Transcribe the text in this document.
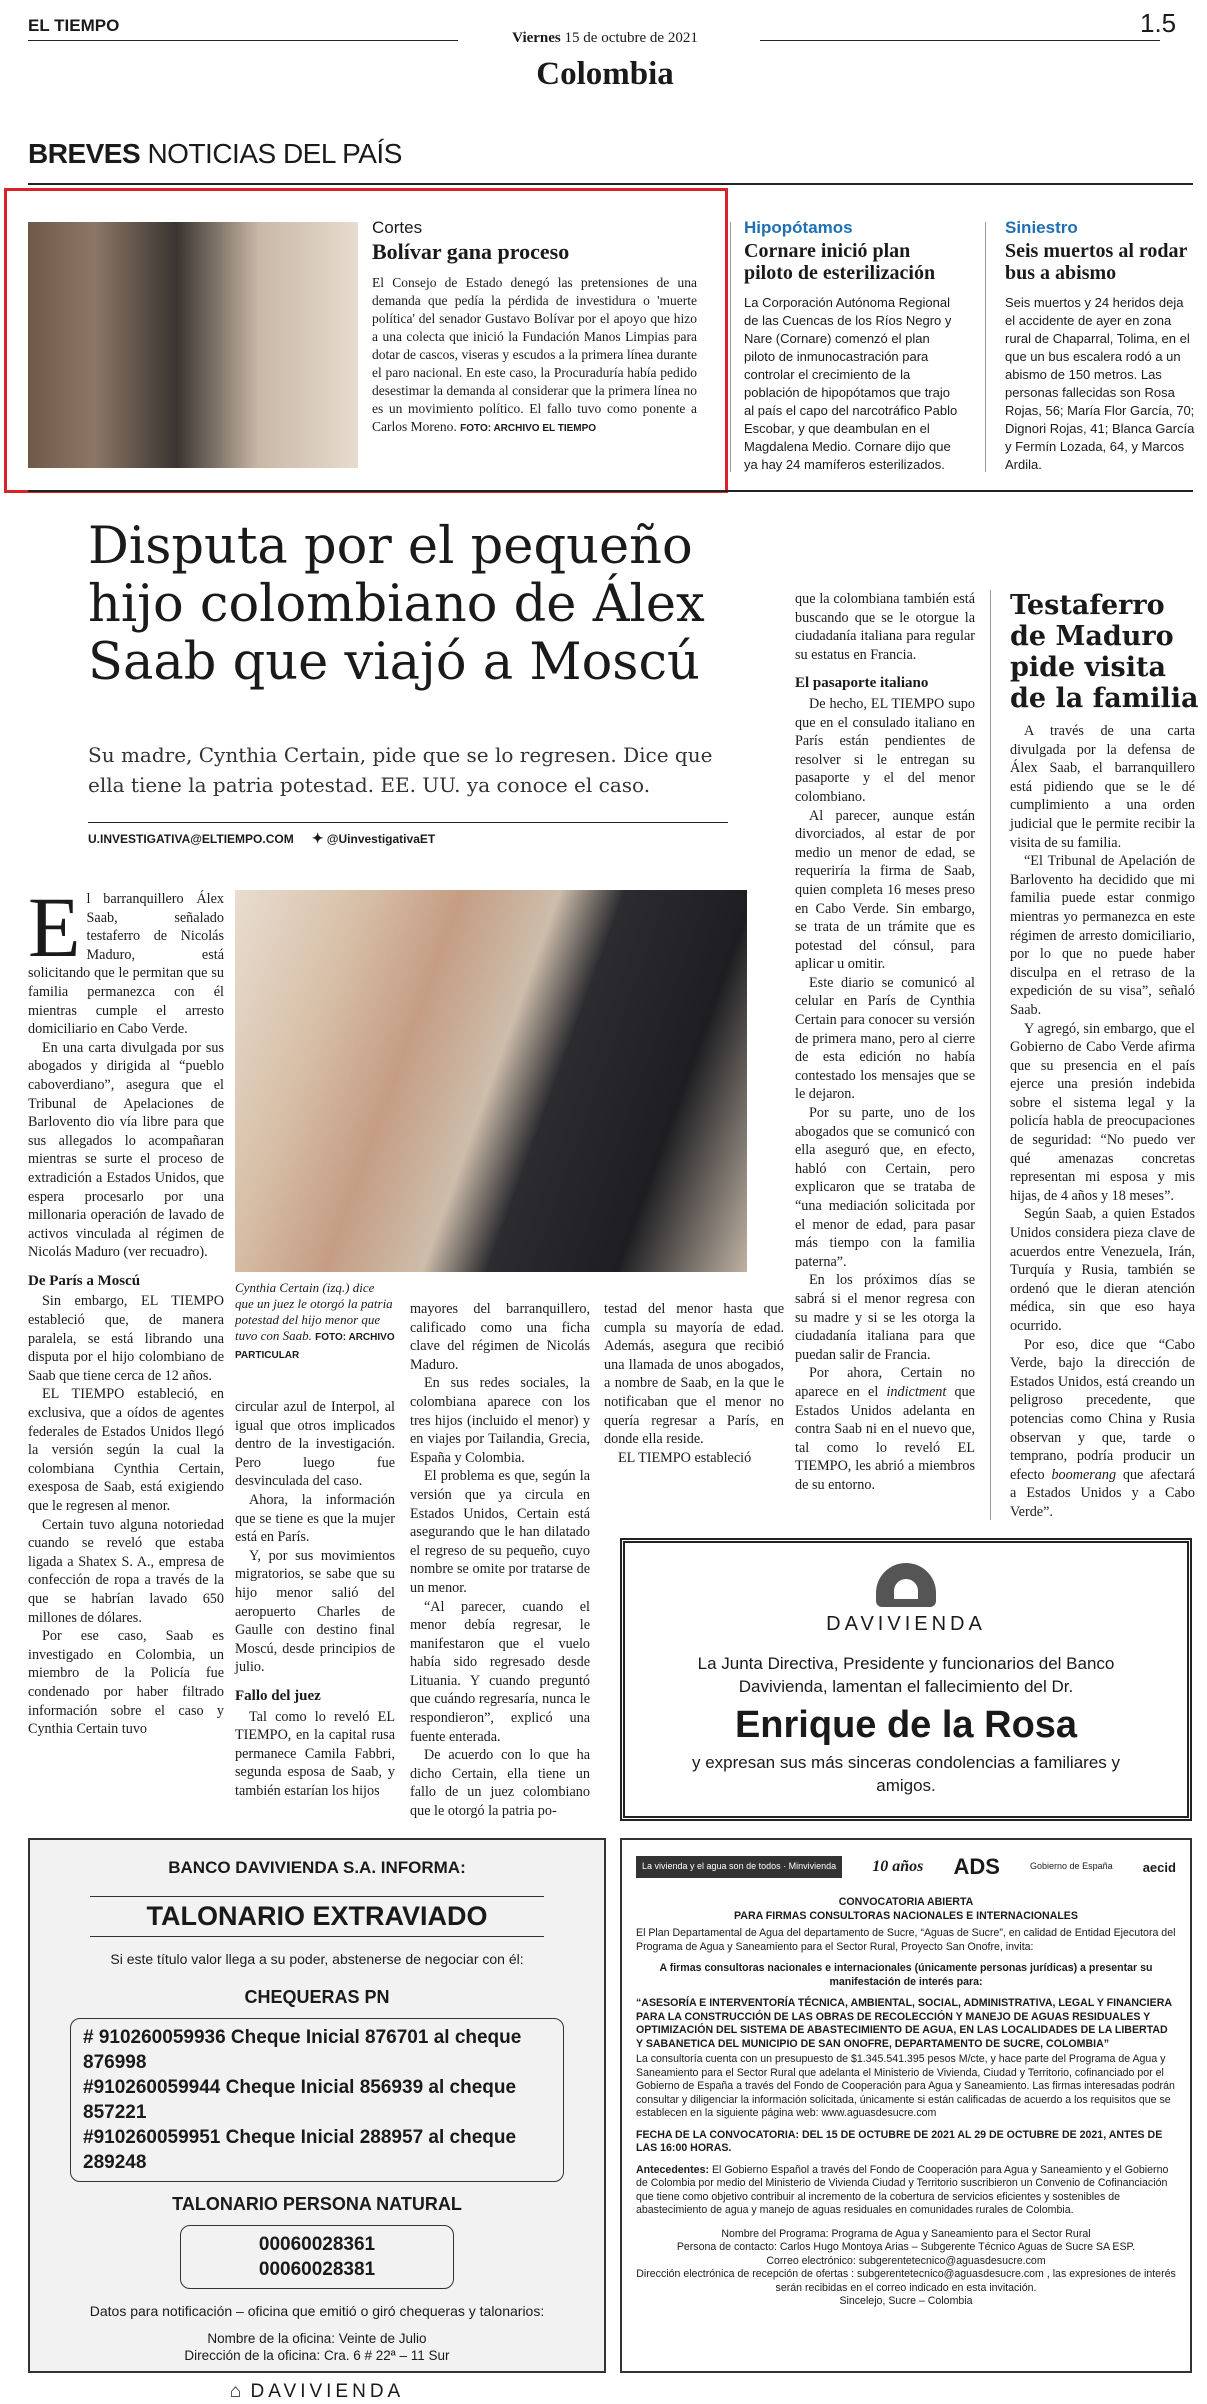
EL TIEMPO
Viernes 15 de octubre de 2021	1.5
Colombia
BREVES NOTICIAS DEL PAÍS
Cortes
Bolívar gana proceso
El Consejo de Estado denegó las pretensiones de una demanda que pedía la pérdida de investidura o 'muerte política' del senador Gustavo Bolívar por el apoyo que hizo a una colecta que inició la Fundación Manos Limpias para dotar de cascos, viseras y escudos a la primera línea durante el paro nacional. En este caso, la Procuraduría había pedido desestimar la demanda al considerar que la primera línea no es un movimiento político. El fallo tuvo como ponente a Carlos Moreno. FOTO: ARCHIVO EL TIEMPO
Hipopótamos
Cornare inició plan piloto de esterilización
La Corporación Autónoma Regional de las Cuencas de los Ríos Negro y Nare (Cornare) comenzó el plan piloto de inmunocastración para controlar el crecimiento de la población de hipopótamos que trajo al país el capo del narcotráfico Pablo Escobar, y que deambulan en el Magdalena Medio. Cornare dijo que ya hay 24 mamíferos esterilizados.
Siniestro
Seis muertos al rodar bus a abismo
Seis muertos y 24 heridos deja el accidente de ayer en zona rural de Chaparral, Tolima, en el que un bus escalera rodó a un abismo de 150 metros. Las personas fallecidas son Rosa Rojas, 56; María Flor García, 70; Dignori Rojas, 41; Blanca García y Fermín Lozada, 64, y Marcos Ardila.
Disputa por el pequeño hijo colombiano de Álex Saab que viajó a Moscú
Su madre, Cynthia Certain, pide que se lo regresen. Dice que ella tiene la patria potestad. EE. UU. ya conoce el caso.
U.INVESTIGATIVA@ELTIEMPO.COM ✦ @UinvestigativaET

El barranquillero Álex Saab, señalado testaferro de Nicolás Maduro, está solicitando que le permitan que su familia permanezca con él mientras cumple el arresto domiciliario en Cabo Verde.

En una carta divulgada por sus abogados y dirigida al “pueblo caboverdiano”, asegura que el Tribunal de Apelaciones de Barlovento dio vía libre para que sus allegados lo acompañaran mientras se surte el proceso de extradición a Estados Unidos, que espera procesarlo por una millonaria operación de lavado de activos vinculada al régimen de Nicolás Maduro (ver recuadro).

De París a Moscú

Sin embargo, EL TIEMPO estableció que, de manera paralela, se está librando una disputa por el hijo colombiano de Saab que tiene cerca de 12 años.

EL TIEMPO estableció, en exclusiva, que a oídos de agentes federales de Estados Unidos llegó la versión según la cual la colombiana Cynthia Certain, exesposa de Saab, está exigiendo que le regresen al menor.

Certain tuvo alguna notoriedad cuando se reveló que estaba ligada a Shatex S. A., empresa de confección de ropa a través de la que se habrían lavado 650 millones de dólares.

Por ese caso, Saab es investigado en Colombia, un miembro de la Policía fue condenado por haber filtrado información sobre el caso y Cynthia Certain tuvo

Cynthia Certain (izq.) dice que un juez le otorgó la patria potestad del hijo menor que tuvo con Saab. FOTO: ARCHIVO PARTICULAR

circular azul de Interpol, al igual que otros implicados dentro de la investigación. Pero luego fue desvinculada del caso.

Ahora, la información que se tiene es que la mujer está en París.

Y, por sus movimientos migratorios, se sabe que su hijo menor salió del aeropuerto Charles de Gaulle con destino final Moscú, desde principios de julio.

Fallo del juez

Tal como lo reveló EL TIEMPO, en la capital rusa permanece Camila Fabbri, segunda esposa de Saab, y también estarían los hijos

mayores del barranquillero, calificado como una ficha clave del régimen de Nicolás Maduro.

En sus redes sociales, la colombiana aparece con los tres hijos (incluido el menor) y en viajes por Tailandia, Grecia, España y Colombia.

El problema es que, según la versión que ya circula en Estados Unidos, Certain está asegurando que le han dilatado el regreso de su pequeño, cuyo nombre se omite por tratarse de un menor.

“Al parecer, cuando el menor debía regresar, le manifestaron que el vuelo había sido regresado desde Lituania. Y cuando preguntó que cuándo regresaría, nunca le respondieron”, explicó una fuente enterada.

De acuerdo con lo que ha dicho Certain, ella tiene un fallo de un juez colombiano que le otorgó la patria po-

testad del menor hasta que cumpla su mayoría de edad. Además, asegura que recibió una llamada de unos abogados, a nombre de Saab, en la que le notificaban que el menor no quería regresar a París, en donde ella reside.

EL TIEMPO estableció

que la colombiana también está buscando que se le otorgue la ciudadanía italiana para regular su estatus en Francia.

El pasaporte italiano

De hecho, EL TIEMPO supo que en el consulado italiano en París están pendientes de resolver si le entregan su pasaporte y el del menor colombiano.

Al parecer, aunque están divorciados, al estar de por medio un menor de edad, se requeriría la firma de Saab, quien completa 16 meses preso en Cabo Verde. Sin embargo, se trata de un trámite que es potestad del cónsul, para aplicar u omitir.

Este diario se comunicó al celular en París de Cynthia Certain para conocer su versión de primera mano, pero al cierre de esta edición no había contestado los mensajes que se le dejaron.

Por su parte, uno de los abogados que se comunicó con ella aseguró que, en efecto, habló con Certain, pero explicaron que se trataba de “una mediación solicitada por el menor de edad, para pasar más tiempo con la familia paterna”.

En los próximos días se sabrá si el menor regresa con su madre y si se les otorga la ciudadanía italiana para que puedan salir de Francia.

Por ahora, Certain no aparece en el indictment que Estados Unidos adelanta en contra Saab ni en el nuevo que, tal como lo reveló EL TIEMPO, les abrió a miembros de su entorno.

Testaferro de Maduro pide visita de la familia

A través de una carta divulgada por la defensa de Álex Saab, el barranquillero está pidiendo que se le dé cumplimiento a una orden judicial que le permite recibir la visita de su familia.

“El Tribunal de Apelación de Barlovento ha decidido que mi familia puede estar conmigo mientras yo permanezca en este régimen de arresto domiciliario, por lo que no puede haber disculpa en el retraso de la expedición de su visa”, señaló Saab.

Y agregó, sin embargo, que el Gobierno de Cabo Verde afirma que su presencia en el país ejerce una presión indebida sobre el sistema legal y la policía habla de preocupaciones de seguridad: “No puedo ver qué amenazas concretas representan mi esposa y mis hijas, de 4 años y 18 meses”.

Según Saab, a quien Estados Unidos considera pieza clave de acuerdos entre Venezuela, Irán, Turquía y Rusia, también se ordenó que le dieran atención médica, sin que eso haya ocurrido.

Por eso, dice que “Cabo Verde, bajo la dirección de Estados Unidos, está creando un peligroso precedente, que potencias como China y Rusia observan y que, tarde o temprano, podría producir un efecto boomerang que afectará a Estados Unidos y a Cabo Verde”.

DAVIVIENDA
La Junta Directiva, Presidente y funcionarios del Banco Davivienda, lamentan el fallecimiento del Dr.
Enrique de la Rosa
y expresan sus más sinceras condolencias a familiares y amigos.
BANCO DAVIVIENDA S.A. INFORMA:
TALONARIO EXTRAVIADO
Si este título valor llega a su poder, abstenerse de negociar con él:
CHEQUERAS PN
# 910260059936 Cheque Inicial 876701 al cheque 876998
#910260059944 Cheque Inicial 856939 al cheque 857221
#910260059951 Cheque Inicial 288957 al cheque 289248
TALONARIO PERSONA NATURAL
00060028361
00060028381
Datos para notificación – oficina que emitió o giró chequeras y talonarios:
Nombre de la oficina: Veinte de Julio
Dirección de la oficina: Cra. 6 # 22ª – 11 Sur
⌂ DAVIVIENDA
La vivienda y el agua son de todos · Minvivienda	10 años ADS	Gobierno de España aecid
CONVOCATORIA ABIERTA
PARA FIRMAS CONSULTORAS NACIONALES E INTERNACIONALES
El Plan Departamental de Agua del departamento de Sucre, “Aguas de Sucre”, en calidad de Entidad Ejecutora del Programa de Agua y Saneamiento para el Sector Rural, Proyecto San Onofre, invita:
A firmas consultoras nacionales e internacionales (únicamente personas jurídicas) a presentar su manifestación de interés para:
“ASESORÍA E INTERVENTORÍA TÉCNICA, AMBIENTAL, SOCIAL, ADMINISTRATIVA, LEGAL Y FINANCIERA PARA LA CONSTRUCCIÓN DE LAS OBRAS DE RECOLECCIÓN Y MANEJO DE AGUAS RESIDUALES Y OPTIMIZACIÓN DEL SISTEMA DE ABASTECIMIENTO DE AGUA, EN LAS LOCALIDADES DE LA LIBERTAD Y SABANETICA DEL MUNICIPIO DE SAN ONOFRE, DEPARTAMENTO DE SUCRE, COLOMBIA”
La consultoría cuenta con un presupuesto de $1.345.541.395 pesos M/cte, y hace parte del Programa de Agua y Saneamiento para el Sector Rural que adelanta el Ministerio de Vivienda, Ciudad y Territorio, cofinanciado por el Gobierno de España a través del Fondo de Cooperación para Agua y Saneamiento. Las firmas interesadas podrán consultar y diligenciar la información solicitada, únicamente si están calificadas de acuerdo a los requisitos que se establecen en la siguiente página web: www.aguasdesucre.com
FECHA DE LA CONVOCATORIA: DEL 15 DE OCTUBRE DE 2021 AL 29 DE OCTUBRE DE 2021, ANTES DE LAS 16:00 HORAS.
Antecedentes: El Gobierno Español a través del Fondo de Cooperación para Agua y Saneamiento y el Gobierno de Colombia por medio del Ministerio de Vivienda Ciudad y Territorio suscribieron un Convenio de Cofinanciación que tiene como objetivo contribuir al incremento de la cobertura de servicios eficientes y sostenibles de abastecimiento de agua y manejo de aguas residuales en comunidades rurales de Colombia.
Nombre del Programa: Programa de Agua y Saneamiento para el Sector Rural
Persona de contacto: Carlos Hugo Montoya Arias – Subgerente Técnico Aguas de Sucre SA ESP.
Correo electrónico: subgerentetecnico@aguasdesucre.com
Dirección electrónica de recepción de ofertas : subgerentetecnico@aguasdesucre.com , las expresiones de interés serán recibidas en el correo indicado en esta invitación.
Sincelejo, Sucre – Colombia
